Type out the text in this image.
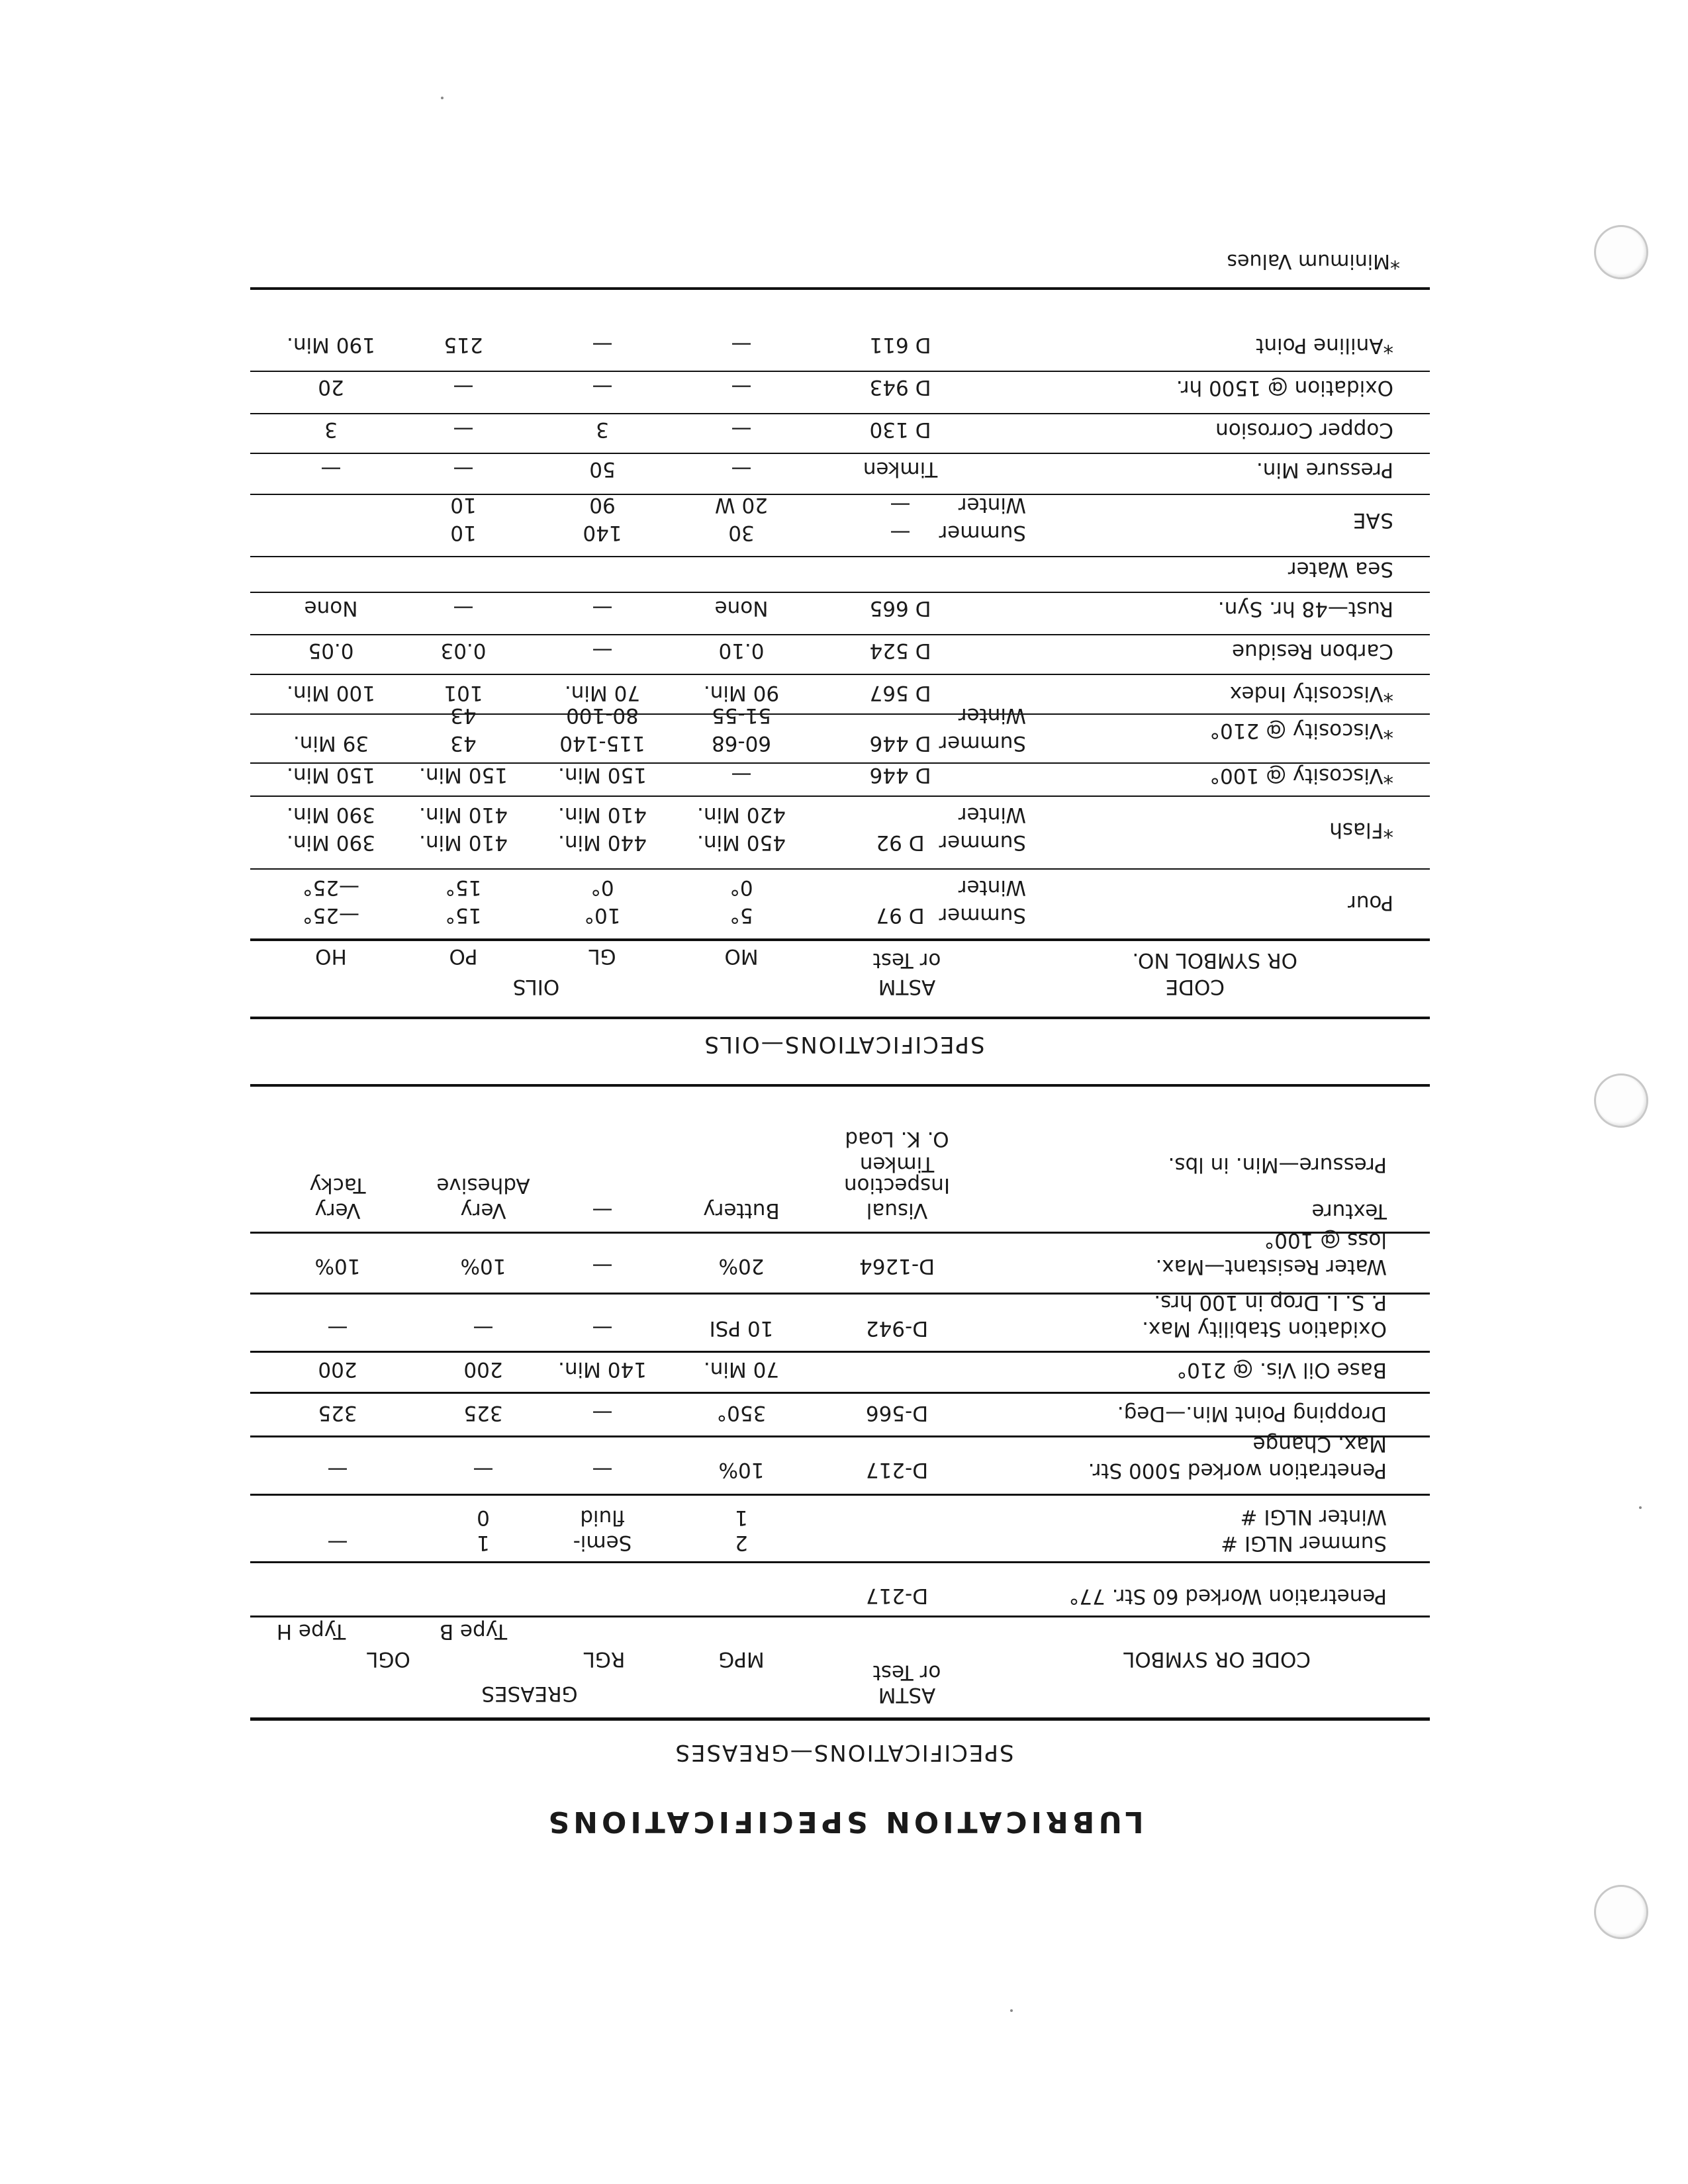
LUBRICATION SPECIFICATIONS
SPECIFICATIONS—GREASES
CODE OR SYMBOL
ASTM
or Test
GREASES
MPG
RGL
OGL
Type B
Type H
Penetration Worked 60 Str. 77°
D-217
Summer NLGI #
Winter NLGI #
2
1
Semi-
fluid
1
0
—
Penetration worked 5000 Str.
Max. Change
D-217
10%
—
—
—
Dropping Point Min.—Deg.
D-566
350°
—
325
325
Base Oil Vis. @ 210°
70 Min.
140 Min.
200
200
Oxidation Stability Max.
P. S. I. Drop in 100 hrs.
D-942
10 PSI
—
—
—
Water Resistant—Max.
loss @ 100°
D-1264
20%
—
10%
10%
Texture
Visual
Inspection
Buttery
—
Very
Adhesive
Very
Tacky
Pressure—Min. in lbs.
Timken
O. K. Load
SPECIFICATIONS—OILS
CODE
OR SYMBOL NO.
ASTM
or Test
OILS
MO
GL
PO
HO
Pour
Summer
Winter
D 97
5°
0°
10°
0°
15°
15°
—25°
—25°
*Flash
Summer
Winter
D 92
450 Min.
420 Min.
440 Min.
410 Min.
410 Min.
410 Min.
390 Min.
390 Min.
*Viscosity @ 100°
D 446
—
150 Min.
150 Min.
150 Min.
*Viscosity @ 210°
Summer
Winter
D 446
60-68
51-55
115-140
80-100
43
43
39 Min.
*Viscosity Index
D 567
90 Min.
70 Min.
101
100 Min.
Carbon Residue
D 524
0.10
—
0.03
0.05
Rust—48 hr. Syn.
D 665
None
—
—
None
Sea Water
SAE
Summer
Winter
—
—
30
20 W
140
90
10
10
Pressure Min.
Timken
—
50
—
—
Copper Corrosion
D 130
—
3
—
3
Oxidation @ 1500 hr.
D 943
—
—
—
20
*Aniline Point
D 611
—
—
215
190 Min.
*Minimum Values
